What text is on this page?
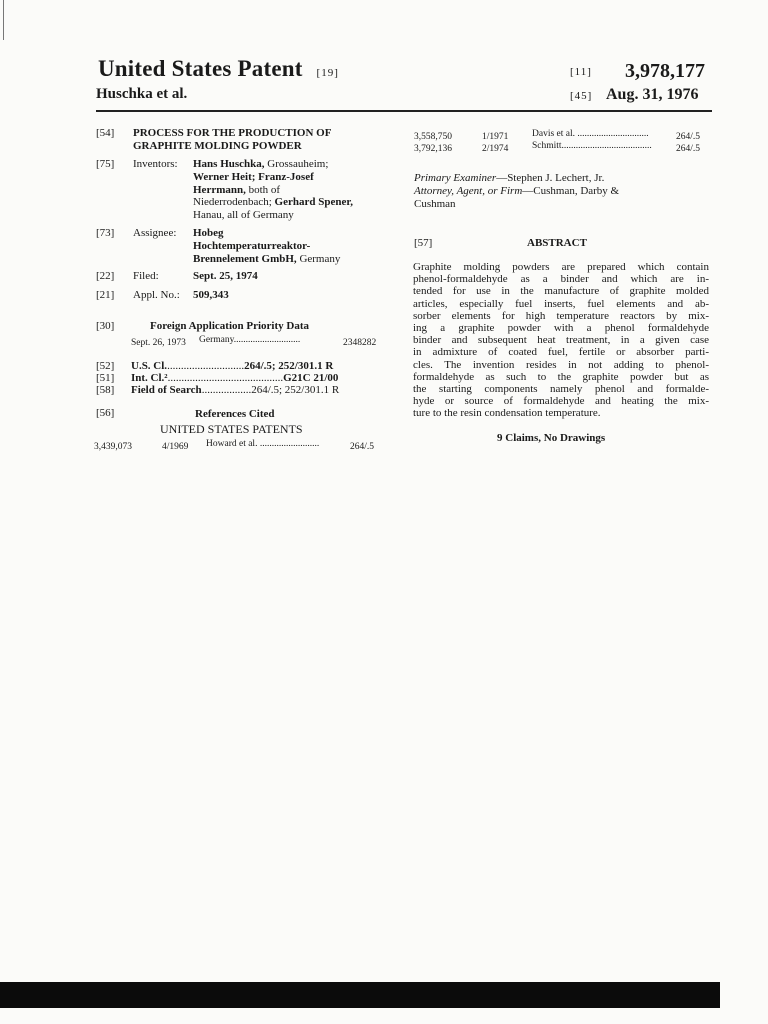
United States Patent [19]
Huschka et al.
[11] 3,978,177
[45] Aug. 31, 1976
[54] PROCESS FOR THE PRODUCTION OF
GRAPHITE MOLDING POWDER
[75] Inventors: Hans Huschka, Grossauheim;
Werner Heit; Franz-Josef
Herrmann, both of
Niederrodenbach; Gerhard Spener,
Hanau, all of Germany
[73] Assignee: Hobeg
Hochtemperaturreaktor-
Brennelement GmbH, Germany
[22] Filed:	Sept. 25, 1974
[21] Appl. No.: 509,343
[30]	Foreign Application Priority Data
Sept. 26, 1973 Germany............................	2348282
[52] U.S. Cl.............................264/.5; 252/301.1 R
[51] Int. Cl.²..........................................G21C 21/00
[58] Field of Search..................264/.5; 252/301.1 R
[56]	References Cited
UNITED STATES PATENTS
3,439,073	4/1969 Howard et al. .........................	264/.5
3,558,750	1/1971 Davis et al. ..............................	264/.5
3,792,136	2/1974 Schmitt......................................	264/.5
Primary Examiner—Stephen J. Lechert, Jr.
Attorney, Agent, or Firm—Cushman, Darby &
Cushman
[57]	ABSTRACT
Graphite molding powders are prepared which contain
phenol-formaldehyde as a binder and which are in-
tended for use in the manufacture of graphite molded
articles, especially fuel inserts, fuel elements and ab-
sorber elements for high temperature reactors by mix-
ing a graphite powder with a phenol formaldehyde
binder and subsequent heat treatment, in a given case
in admixture of coated fuel, fertile or absorber parti-
cles. The invention resides in not adding to phenol-
formaldehyde as such to the graphite powder but as
the starting components namely phenol and formalde-
hyde or source of formaldehyde and heating the mix-
ture to the resin condensation temperature.
9 Claims, No Drawings
